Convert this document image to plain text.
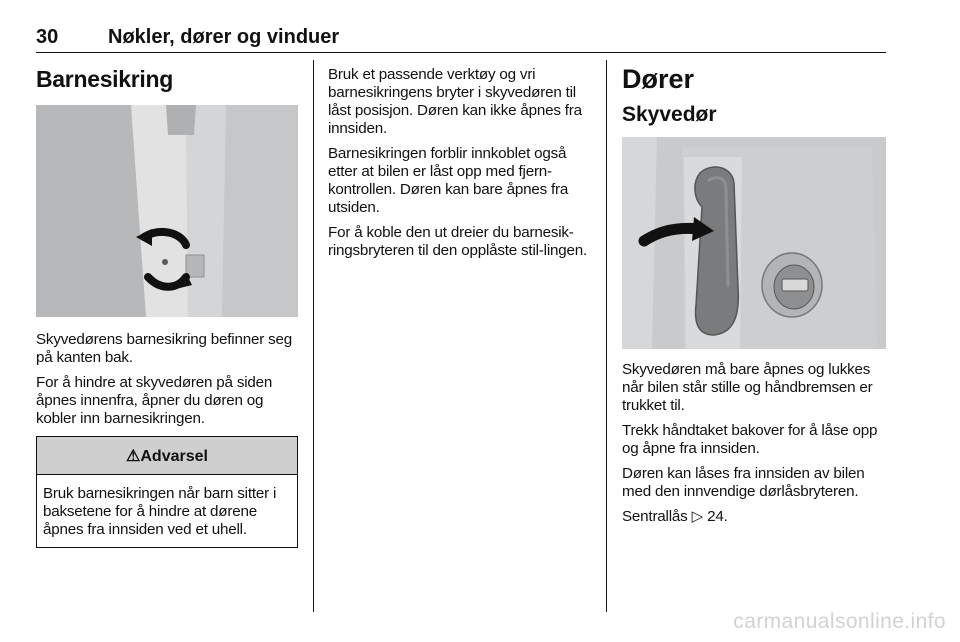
30 Nøkler, dører og vinduer
Barnesikring

Skyvedørens barnesikring befinner seg på kanten bak.

For å hindre at skyvedøren på siden åpnes innenfra, åpner du døren og kobler inn barnesikringen.

⚠Advarsel

Bruk barnesikringen når barn sitter i baksetene for å hindre at dørene åpnes fra innsiden ved et uhell.

Bruk et passende verktøy og vri barnesikringens bryter i skyvedøren til låst posisjon. Døren kan ikke åpnes fra innsiden.

Barnesikringen forblir innkoblet også etter at bilen er låst opp med fjern-kontrollen. Døren kan bare åpnes fra utsiden.

For å koble den ut dreier du barnesik-ringsbryteren til den opplåste stil-lingen.

Dører
Skyvedør

Skyvedøren må bare åpnes og lukkes når bilen står stille og håndbremsen er trukket til.

Trekk håndtaket bakover for å låse opp og åpne fra innsiden.

Døren kan låses fra innsiden av bilen med den innvendige dørlåsbryteren.

Sentrallås ▷ 24.

carmanualsonline.info
